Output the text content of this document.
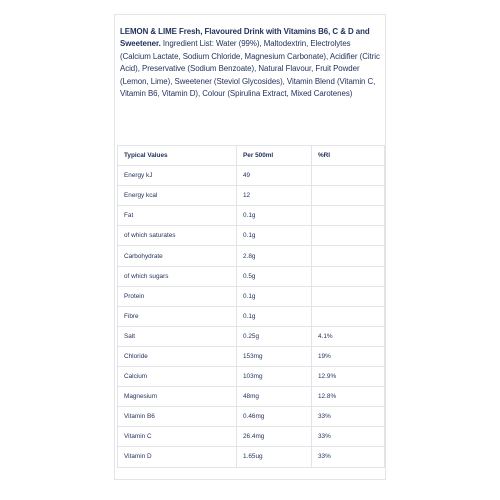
LEMON & LIME Fresh, Flavoured Drink with Vitamins B6, C & D and Sweetener. Ingredient List: Water (99%), Maltodextrin, Electrolytes (Calcium Lactate, Sodium Chloride, Magnesium Carbonate), Acidifier (Citric Acid), Preservative (Sodium Benzoate), Natural Flavour, Fruit Powder (Lemon, Lime), Sweetener (Steviol Glycosides), Vitamin Blend (Vitamin C, Vitamin B6, Vitamin D), Colour (Spirulina Extract, Mixed Carotenes)
Typical Values	Per 500ml	%RI
Energy kJ	49	
Energy kcal	12	
Fat	0.1g	
of which saturates	0.1g	
Carbohydrate	2.8g	
of which sugars	0.5g	
Protein	0.1g	
Fibre	0.1g	
Salt	0.25g	4.1%
Chloride	153mg	19%
Calcium	103mg	12.9%
Magnesium	48mg	12.8%
Vitamin B6	0.46mg	33%
Vitamin C	26.4mg	33%
Vitamin D	1.65ug	33%
